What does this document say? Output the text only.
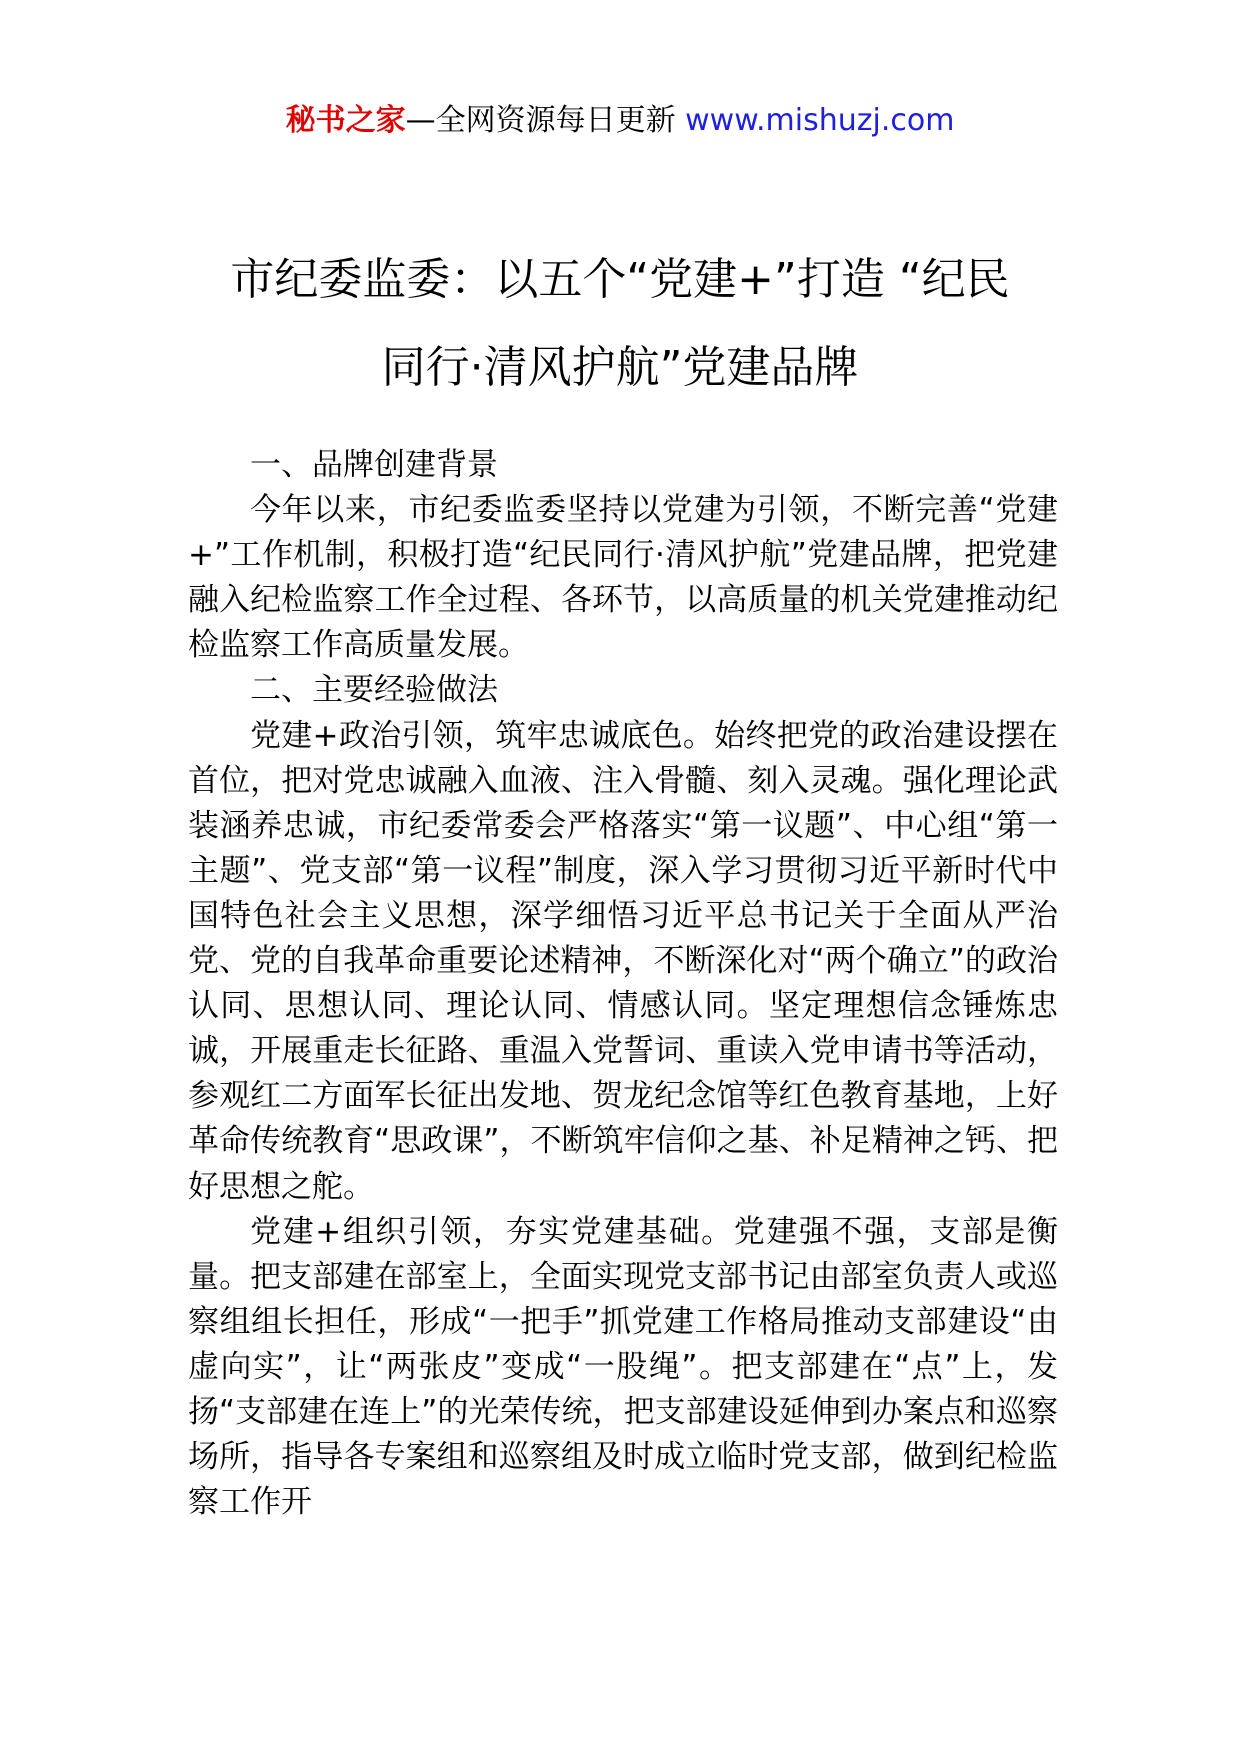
秘书之家—全网资源每日更新 www.mishuzj.com
市纪委监委：以五个“党建+”打造 “纪民
同行·清风护航”党建品牌

一、品牌创建背景

今年以来，市纪委监委坚持以党建为引领，不断完善“党建+”工作机制，积极打造“纪民同行·清风护航”党建品牌，把党建融入纪检监察工作全过程、各环节，以高质量的机关党建推动纪检监察工作高质量发展。

二、主要经验做法

党建+政治引领，筑牢忠诚底色。始终把党的政治建设摆在首位，把对党忠诚融入血液、注入骨髓、刻入灵魂。强化理论武装涵养忠诚，市纪委常委会严格落实“第一议题”、中心组“第一主题”、党支部“第一议程”制度，深入学习贯彻习近平新时代中国特色社会主义思想，深学细悟习近平总书记关于全面从严治党、党的自我革命重要论述精神，不断深化对“两个确立”的政治认同、思想认同、理论认同、情感认同。坚定理想信念锤炼忠诚，开展重走长征路、重温入党誓词、重读入党申请书等活动，参观红二方面军长征出发地、贺龙纪念馆等红色教育基地，上好革命传统教育“思政课”，不断筑牢信仰之基、补足精神之钙、把好思想之舵。

党建+组织引领，夯实党建基础。党建强不强，支部是衡量。把支部建在部室上，全面实现党支部书记由部室负责人或巡察组组长担任，形成“一把手”抓党建工作格局推动支部建设“由虚向实”，让“两张皮”变成“一股绳”。把支部建在“点”上，发扬“支部建在连上”的光荣传统，把支部建设延伸到办案点和巡察场所，指导各专案组和巡察组及时成立临时党支部，做到纪检监察工作开
